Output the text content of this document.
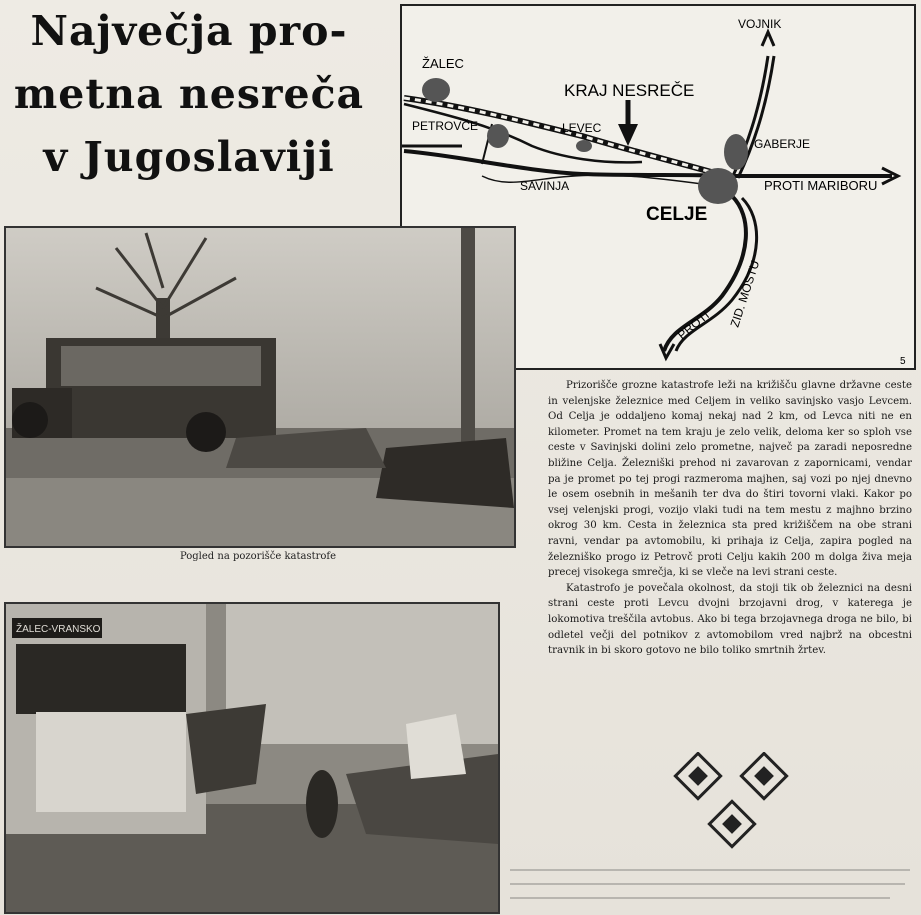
Največja pro-
metna nesreča
v Jugoslaviji
ŽALEC
VOJNIK
KRAJ NESREČE
PETROVČE	LEVEC
GABERJE
SAVINJA	PROTI MARIBORU
CELJE
ZID. MOSTU
PROTI
5
Pogled na pozorišče katastrofe
ŽALEC-VRANSKO

Prizorišče grozne katastrofe leži na križišču glavne državne ceste in velenjske železnice med Celjem in veliko savinjsko vasjo Levcem. Od Celja je oddaljeno komaj nekaj nad 2 km, od Levca niti ne en kilometer. Promet na tem kraju je zelo velik, deloma ker so sploh vse ceste v Savinjski dolini zelo prometne, največ pa zaradi neposredne bližine Celja. Železniški prehod ni zavarovan z zapornicami, vendar pa je promet po tej progi razmeroma majhen, saj vozi po njej dnevno le osem osebnih in mešanih ter dva do štiri tovorni vlaki. Kakor po vsej velenjski progi, vozijo vlaki tudi na tem mestu z majhno brzino okrog 30 km. Cesta in železnica sta pred križiščem na obe strani ravni, vendar pa avtomobilu, ki prihaja iz Celja, zapira pogled na železniško progo iz Petrovč proti Celju kakih 200 m dolga živa meja precej visokega smrečja, ki se vleče na levi strani ceste.

Katastrofo je povečala okolnost, da stoji tik ob železnici na desni strani ceste proti Levcu dvojni brzojavni drog, v katerega je lokomotiva treščila avtobus. Ako bi tega brzojavnega droga ne bilo, bi odletel večji del potnikov z avtomobilom vred najbrž na obcestni travnik in bi skoro gotovo ne bilo toliko smrtnih žrtev.
